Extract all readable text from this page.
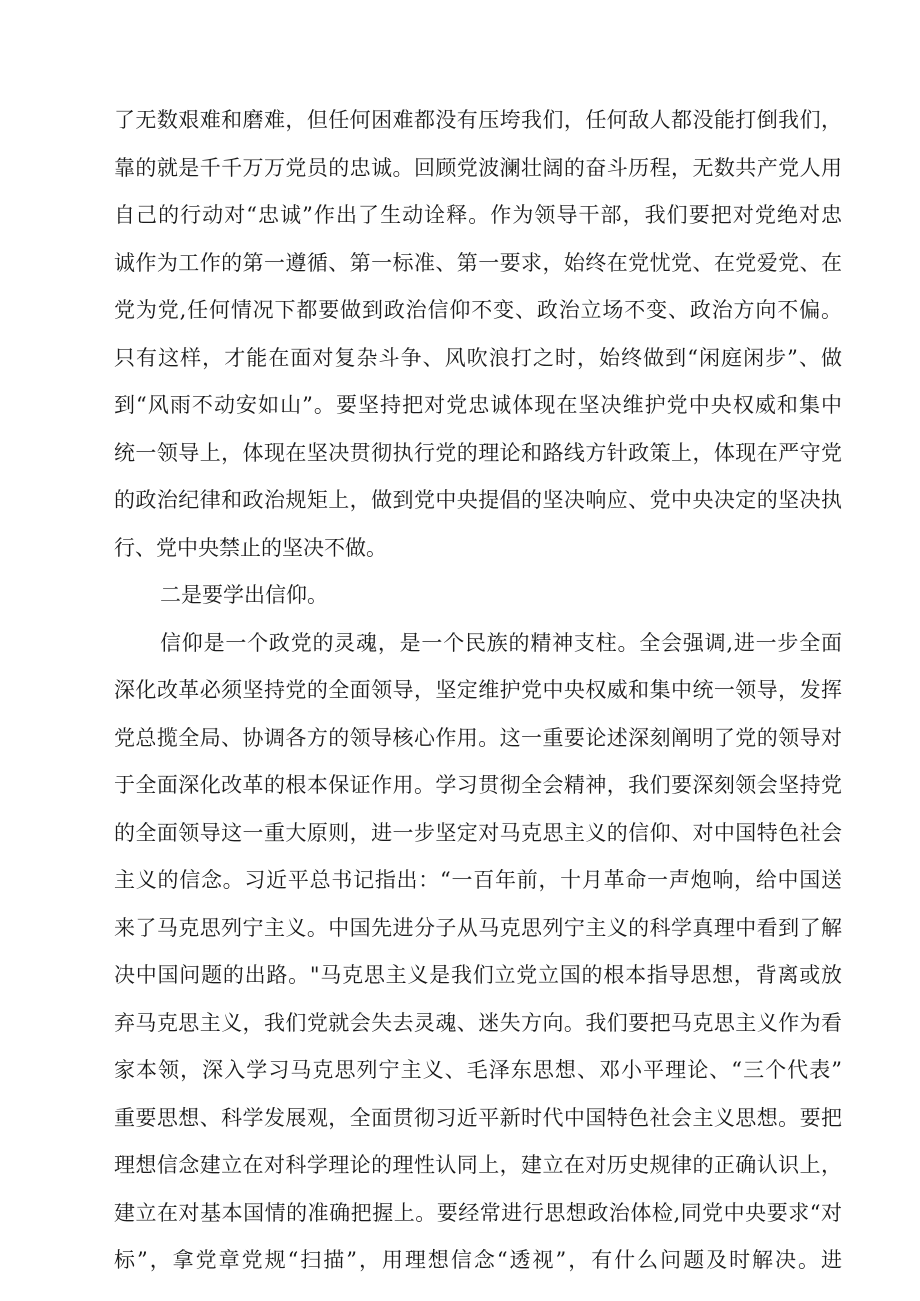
了无数艰难和磨难，但任何困难都没有压垮我们，任何敌人都没能打倒我们，

靠的就是千千万万党员的忠诚。回顾党波澜壮阔的奋斗历程，无数共产党人用

自己的行动对“忠诚”作出了生动诠释。作为领导干部，我们要把对党绝对忠

诚作为工作的第一遵循、第一标准、第一要求，始终在党忧党、在党爱党、在

党为党,任何情况下都要做到政治信仰不变、政治立场不变、政治方向不偏。

只有这样，才能在面对复杂斗争、风吹浪打之时，始终做到“闲庭闲步”、做

到“风雨不动安如山”。要坚持把对党忠诚体现在坚决维护党中央权威和集中

统一领导上，体现在坚决贯彻执行党的理论和路线方针政策上，体现在严守党

的政治纪律和政治规矩上，做到党中央提倡的坚决响应、党中央决定的坚决执

行、党中央禁止的坚决不做。

二是要学出信仰。

信仰是一个政党的灵魂，是一个民族的精神支柱。全会强调,进一步全面

深化改革必须坚持党的全面领导，坚定维护党中央权威和集中统一领导，发挥

党总揽全局、协调各方的领导核心作用。这一重要论述深刻阐明了党的领导对

于全面深化改革的根本保证作用。学习贯彻全会精神，我们要深刻领会坚持党

的全面领导这一重大原则，进一步坚定对马克思主义的信仰、对中国特色社会

主义的信念。习近平总书记指出：“一百年前，十月革命一声炮响，给中国送

来了马克思列宁主义。中国先进分子从马克思列宁主义的科学真理中看到了解

决中国问题的出路。"马克思主义是我们立党立国的根本指导思想，背离或放

弃马克思主义，我们党就会失去灵魂、迷失方向。我们要把马克思主义作为看

家本领，深入学习马克思列宁主义、毛泽东思想、邓小平理论、“三个代表”

重要思想、科学发展观，全面贯彻习近平新时代中国特色社会主义思想。要把

理想信念建立在对科学理论的理性认同上，建立在对历史规律的正确认识上，

建立在对基本国情的准确把握上。要经常进行思想政治体检,同党中央要求“对

标”，拿党章党规“扫描”，用理想信念“透视”，有什么问题及时解决。进
